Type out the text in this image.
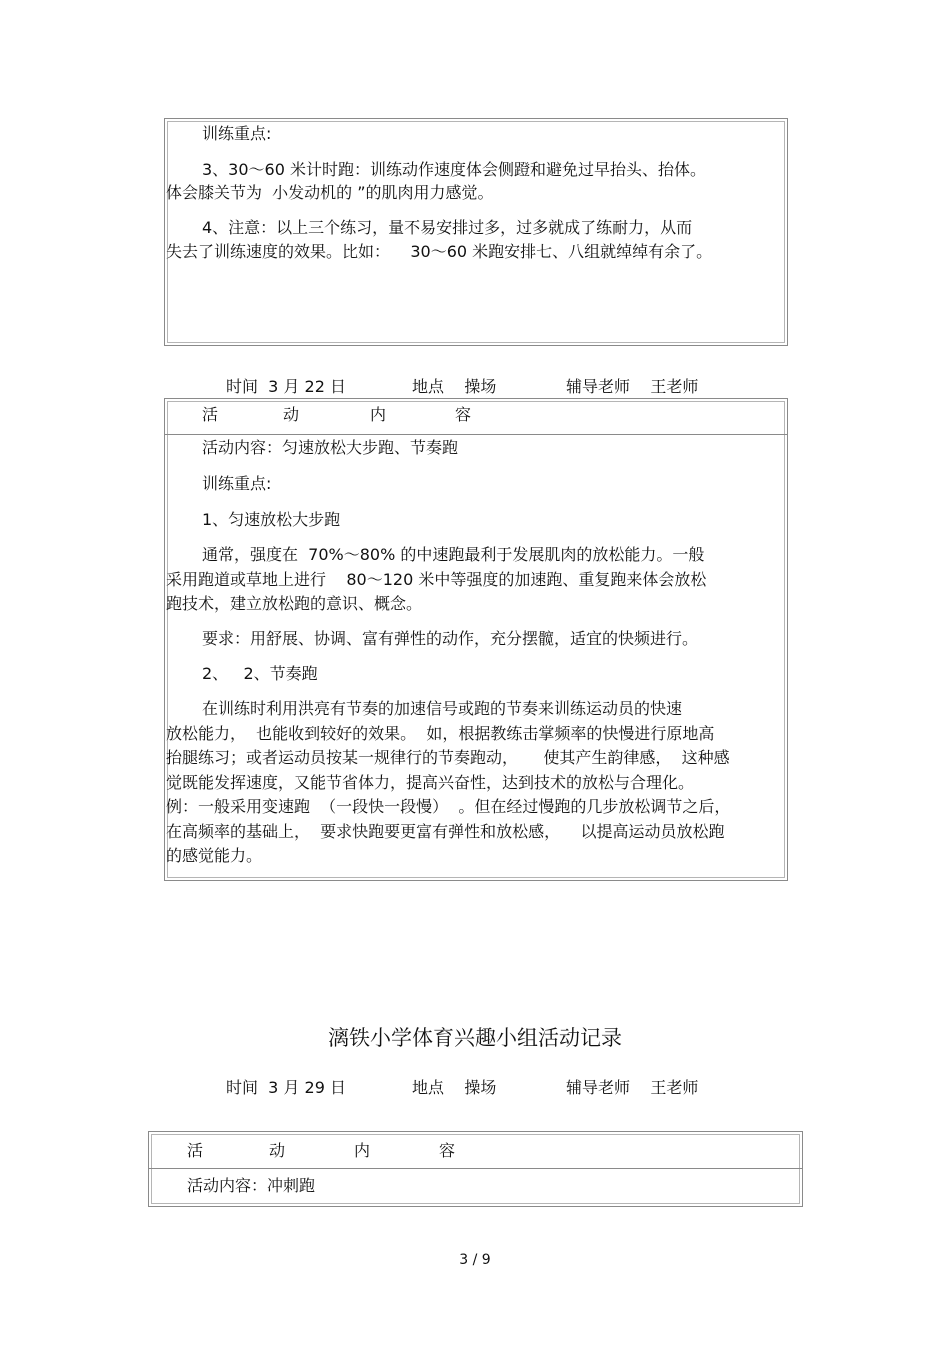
训练重点:
3、30～60 米计时跑：训练动作速度体会侧蹬和避免过早抬头、抬体。
体会膝关节为  小发动机的 ”的肌肉用力感觉。
4、注意：以上三个练习，量不易安排过多，过多就成了练耐力，从而
失去了训练速度的效果。比如：    30～60 米跑安排七、八组就绰绰有余了。
时间  3 月 22 日	地点    操场	辅导老师    王老师
活	动	内	容
活动内容：匀速放松大步跑、节奏跑
训练重点:
1、匀速放松大步跑
通常，强度在  70%～80% 的中速跑最利于发展肌肉的放松能力。一般
采用跑道或草地上进行    80～120 米中等强度的加速跑、重复跑来体会放松
跑技术，建立放松跑的意识、概念。
要求：用舒展、协调、富有弹性的动作，充分摆髋，适宜的快频进行。
2、   2、节奏跑
在训练时利用洪亮有节奏的加速信号或跑的节奏来训练运动员的快速
放松能力，  也能收到较好的效果。  如，根据教练击掌频率的快慢进行原地高
抬腿练习；或者运动员按某一规律行的节奏跑动，     使其产生韵律感，  这种感
觉既能发挥速度，又能节省体力，提高兴奋性，达到技术的放松与合理化。
例：一般采用变速跑  （一段快一段慢）  。但在经过慢跑的几步放松调节之后，
在高频率的基础上，  要求快跑要更富有弹性和放松感，    以提高运动员放松跑
的感觉能力。
漓铁小学体育兴趣小组活动记录
时间  3 月 29 日	地点    操场	辅导老师    王老师
活	动	内	容
活动内容：冲刺跑
3 / 9
